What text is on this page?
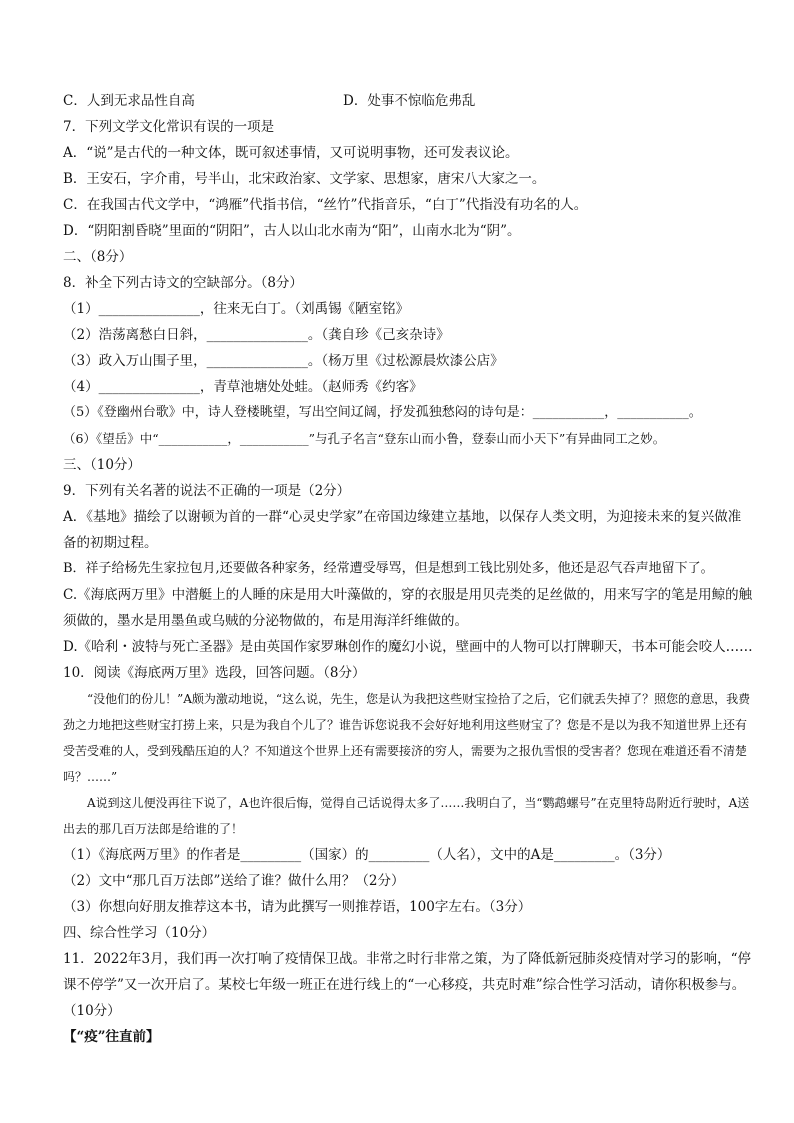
C．人到无求品性自高	D．处事不惊临危弗乱
7．下列文学文化常识有误的一项是
A．“说”是古代的一种文体，既可叙述事情，又可说明事物，还可发表议论。
B．王安石，字介甫，号半山，北宋政治家、文学家、思想家，唐宋八大家之一。
C．在我国古代文学中，“鸿雁”代指书信，“丝竹”代指音乐，“白丁”代指没有功名的人。
D．“阴阳割昏晓”里面的“阴阳”，古人以山北水南为“阳”，山南水北为“阴”。
二、（8分）
8．补全下列古诗文的空缺部分。（8分）
（1）_______________，往来无白丁。（刘禹锡《陋室铭》
（2）浩荡离愁白日斜，_______________。（龚自珍《己亥杂诗》
（3）政入万山围子里，_______________。（杨万里《过松源晨炊漆公店》
（4）_______________，青草池塘处处蛙。（赵师秀《约客》
（5）《登幽州台歌》中，诗人登楼眺望，写出空间辽阔，抒发孤独愁闷的诗句是：___________，___________。
（6）《望岳》中“___________，___________”与孔子名言“登东山而小鲁，登泰山而小天下”有异曲同工之妙。
三、（10分）
9．下列有关名著的说法不正确的一项是（2分）
A．《基地》描绘了以谢顿为首的一群“心灵史学家”在帝国边缘建立基地，以保存人类文明，为迎接未来的复兴做准备的初期过程。
B．祥子给杨先生家拉包月,还要做各种家务，经常遭受辱骂，但是想到工钱比别处多，他还是忍气吞声地留下了。
C.《海底两万里》中潜艇上的人睡的床是用大叶藻做的，穿的衣服是用贝壳类的足丝做的，用来写字的笔是用鲸的触须做的，墨水是用墨鱼或乌贼的分泌物做的，布是用海洋纤维做的。
D.《哈利・波特与死亡圣器》是由英国作家罗琳创作的魔幻小说，壁画中的人物可以打牌聊天，书本可能会咬人……
10．阅读《海底两万里》选段，回答问题。（8分）
“没他们的份儿！”A颇为激动地说，“这么说，先生，您是认为我把这些财宝捡拾了之后，它们就丢失掉了？照您的意思，我费劲之力地把这些财宝打捞上来，只是为我自个儿了？谁告诉您说我不会好好地利用这些财宝了？您是不是以为我不知道世界上还有受苦受难的人，受到残酷压迫的人？不知道这个世界上还有需要接济的穷人，需要为之报仇雪恨的受害者？您现在难道还看不清楚吗？……”
A说到这儿便没再往下说了，A也许很后悔，觉得自己话说得太多了……我明白了，当“鹦鹉螺号”在克里特岛附近行驶时，A送出去的那几百万法郎是给谁的了！
（1）《海底两万里》的作者是_________（国家）的_________（人名），文中的A是_________。（3分）
（2）文中“那几百万法郎”送给了谁？做什么用？（2分）
（3）你想向好朋友推荐这本书，请为此撰写一则推荐语，100字左右。（3分）
四、综合性学习（10分）
11．2022年3月，我们再一次打响了疫情保卫战。非常之时行非常之策，为了降低新冠肺炎疫情对学习的影响，“停课不停学”又一次开启了。某校七年级一班正在进行线上的“一心移疫，共克时难”综合性学习活动，请你积极参与。（10分）
【“疫”往直前】
